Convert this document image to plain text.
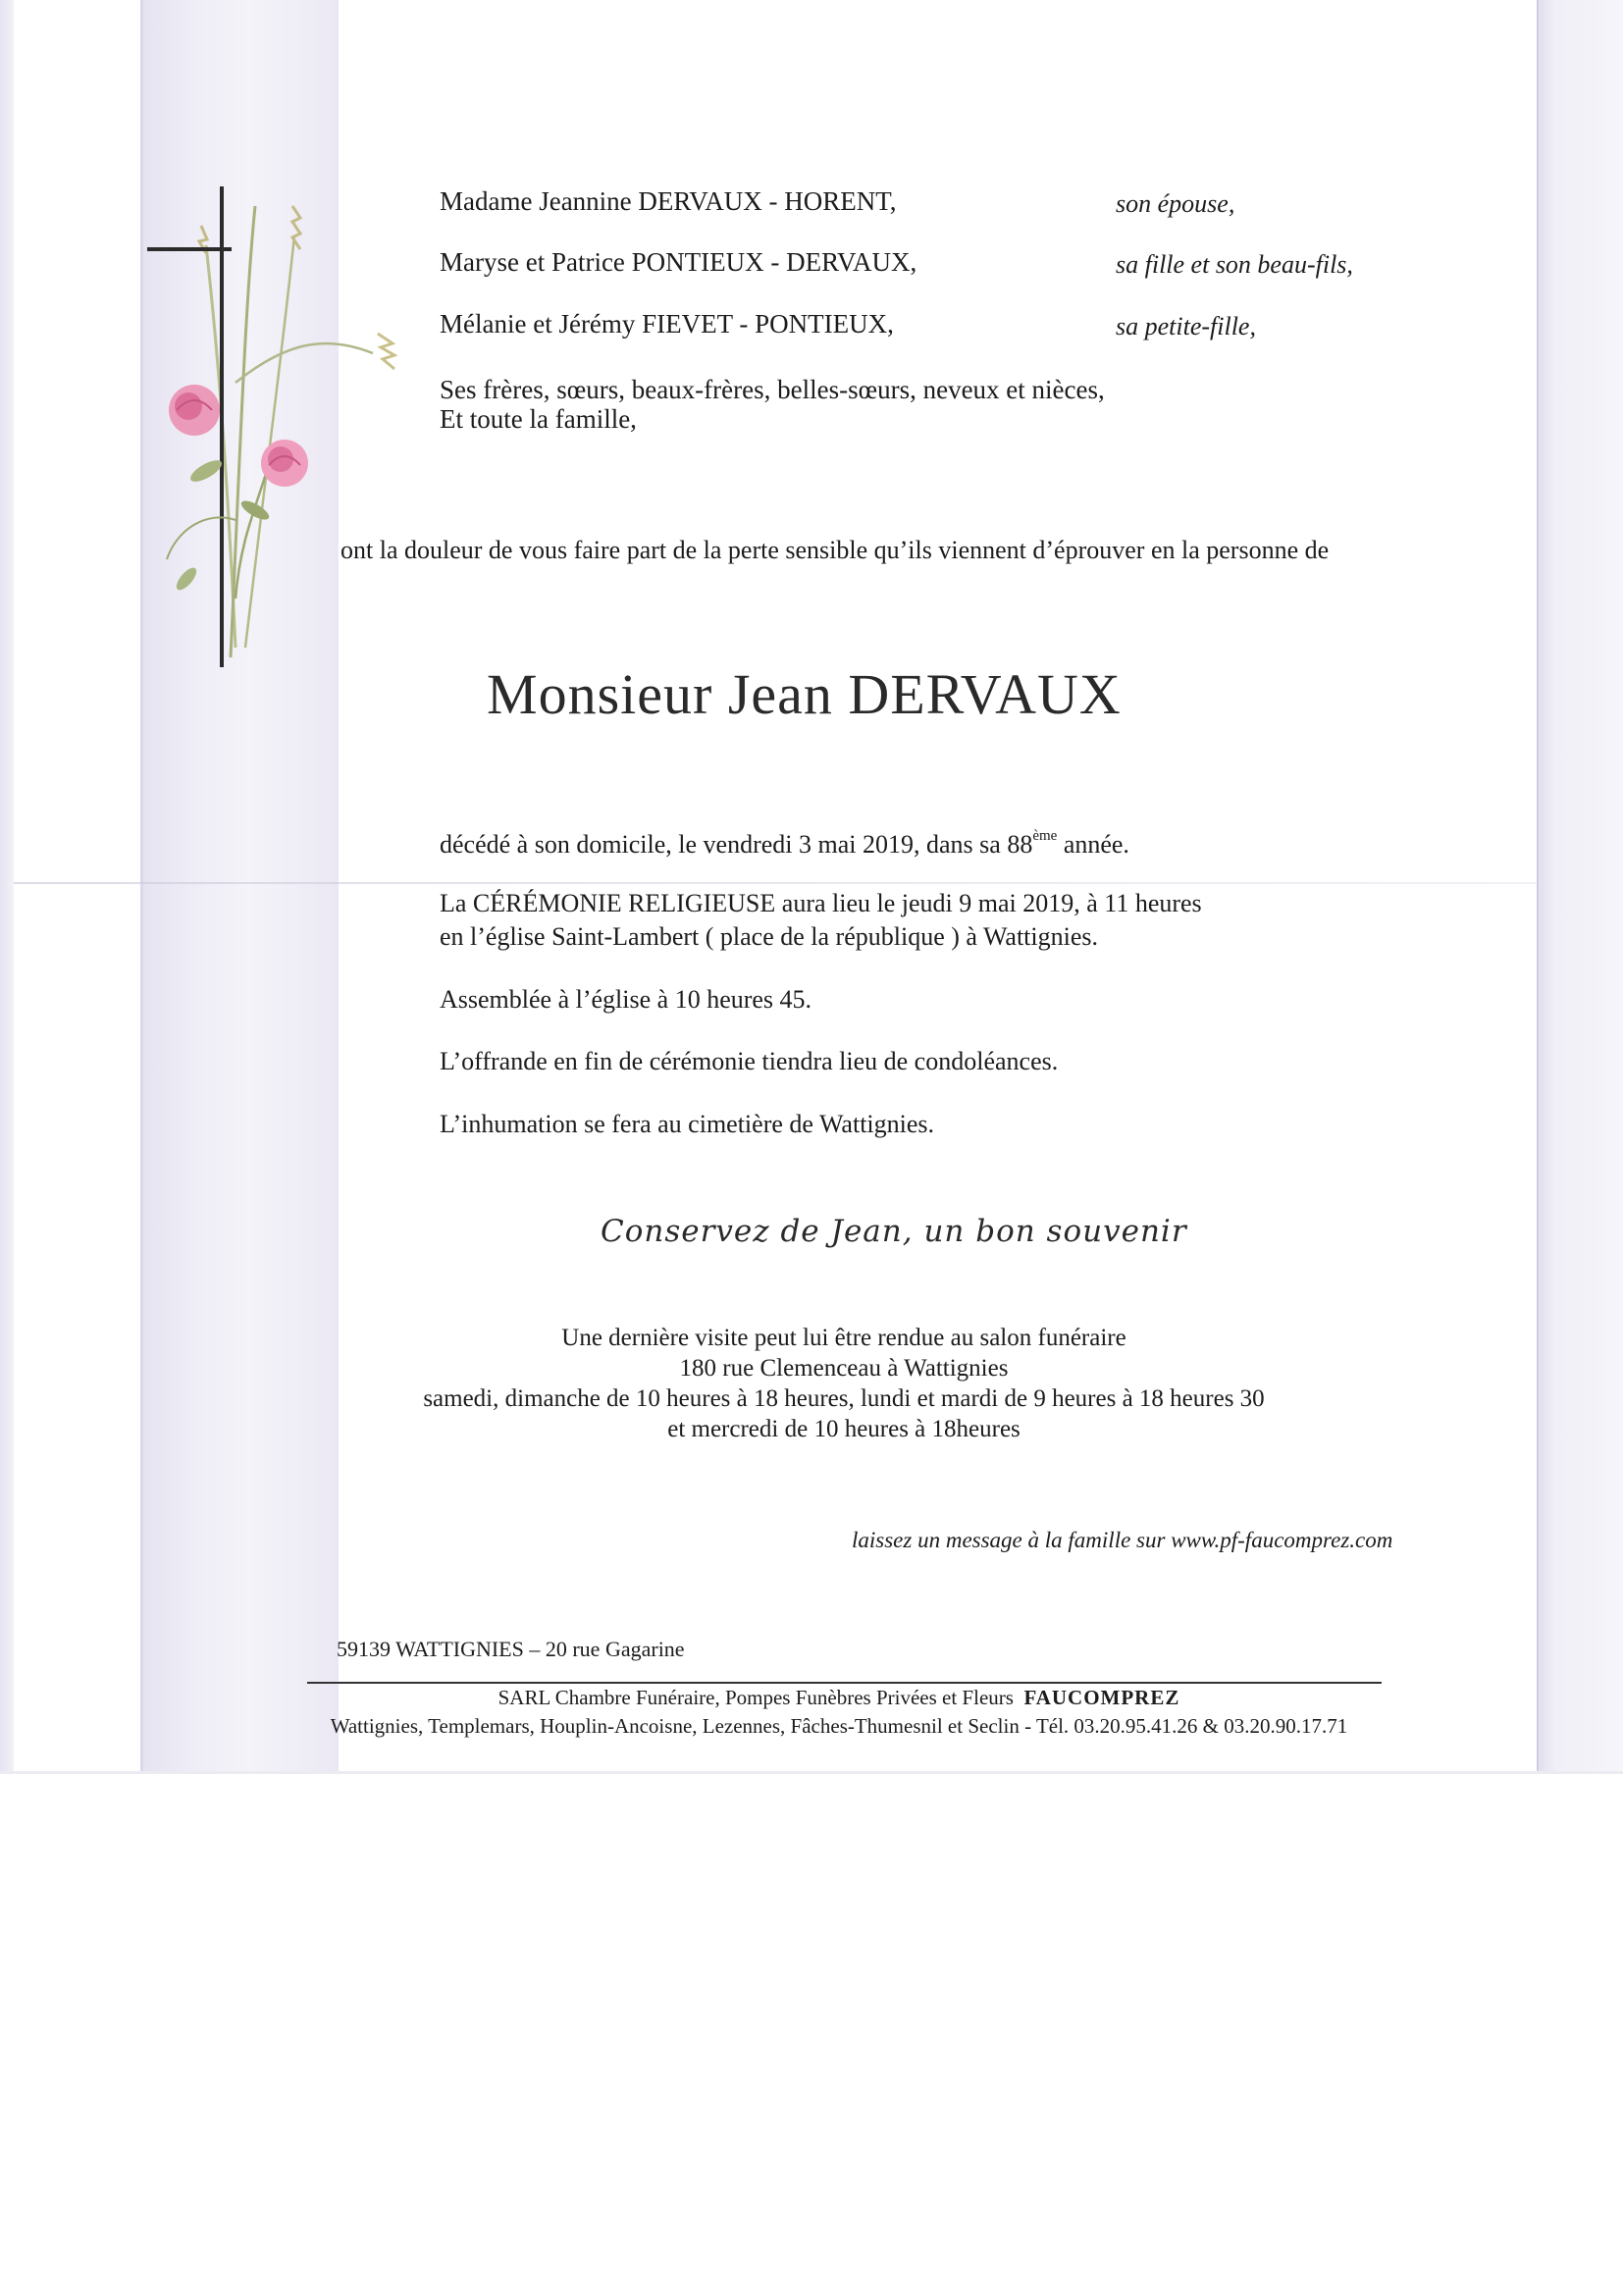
Madame Jeannine DERVAUX - HORENT,	son épouse,
Maryse et Patrice PONTIEUX - DERVAUX,	sa fille et son beau-fils,
Mélanie et Jérémy FIEVET - PONTIEUX,	sa petite-fille,
Ses frères, sœurs, beaux-frères, belles-sœurs, neveux et nièces,
Et toute la famille,
ont la douleur de vous faire part de la perte sensible qu’ils viennent d’éprouver en la personne de
Monsieur Jean DERVAUX
décédé à son domicile, le vendredi 3 mai 2019, dans sa 88ème année.
La CÉRÉMONIE RELIGIEUSE aura lieu le jeudi 9 mai 2019, à 11 heures
en l’église Saint-Lambert ( place de la république ) à Wattignies.
Assemblée à l’église à 10 heures 45.
L’offrande en fin de cérémonie tiendra lieu de condoléances.
L’inhumation se fera au cimetière de Wattignies.
Conservez de Jean, un bon souvenir
Une dernière visite peut lui être rendue au salon funéraire
180 rue Clemenceau à Wattignies
samedi, dimanche de 10 heures à 18 heures, lundi et mardi de 9 heures à 18 heures 30
et mercredi de 10 heures à 18heures
laissez un message à la famille sur www.pf-faucomprez.com
59139 WATTIGNIES – 20 rue Gagarine
SARL Chambre Funéraire, Pompes Funèbres Privées et Fleurs FAUCOMPREZ
Wattignies, Templemars, Houplin-Ancoisne, Lezennes, Fâches-Thumesnil et Seclin - Tél. 03.20.95.41.26 & 03.20.90.17.71
